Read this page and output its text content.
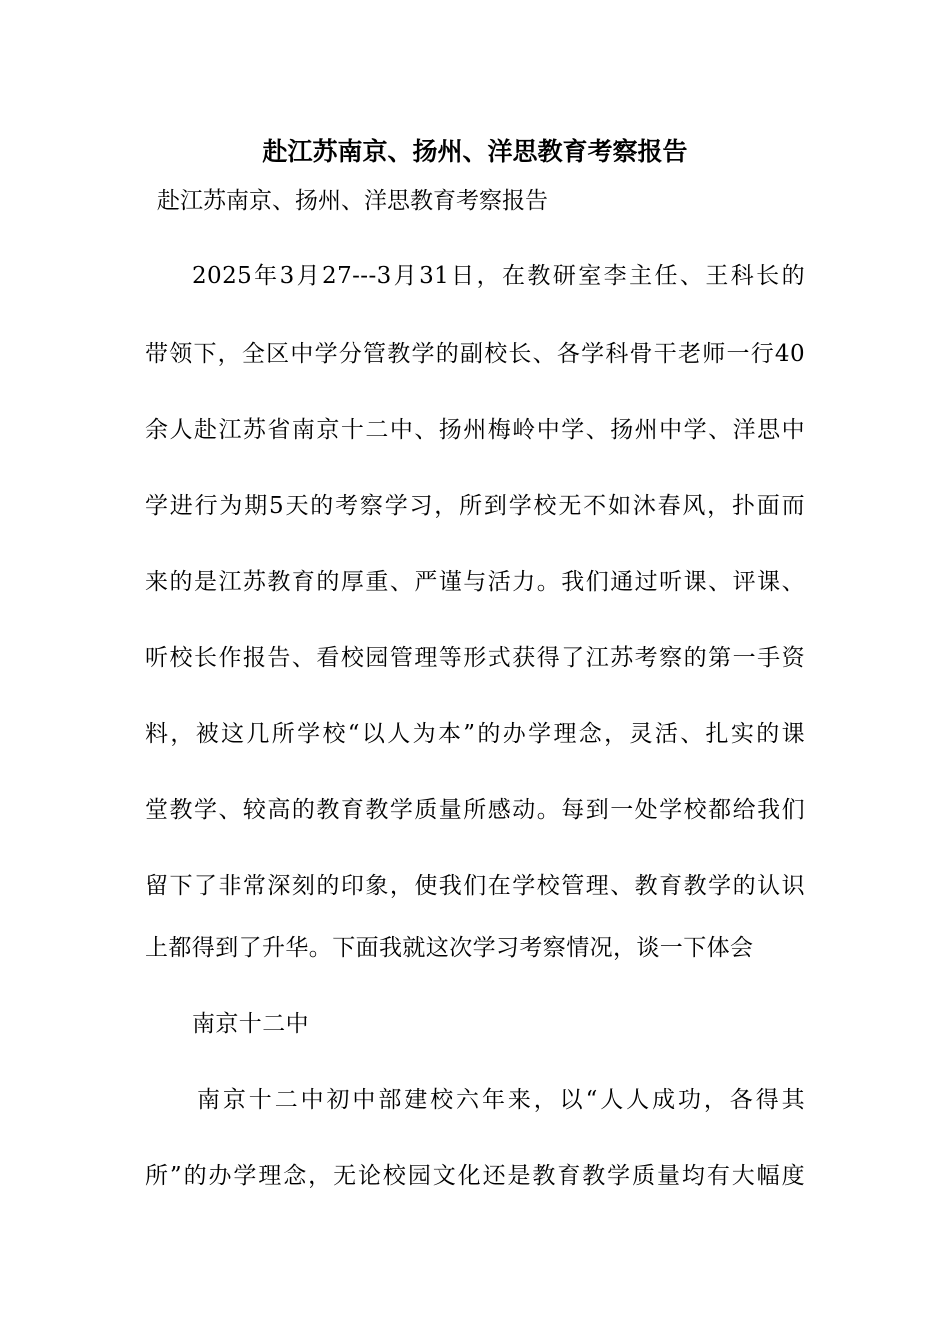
赴江苏南京、扬州、洋思教育考察报告
赴江苏南京、扬州、洋思教育考察报告
2025年3月27---3月31日，在教研室李主任、王科长的
带领下，全区中学分管教学的副校长、各学科骨干老师一行40
余人赴江苏省南京十二中、扬州梅岭中学、扬州中学、洋思中
学进行为期5天的考察学习，所到学校无不如沐春风，扑面而
来的是江苏教育的厚重、严谨与活力。我们通过听课、评课、
听校长作报告、看校园管理等形式获得了江苏考察的第一手资
料，被这几所学校“以人为本”的办学理念，灵活、扎实的课
堂教学、较高的教育教学质量所感动。每到一处学校都给我们
留下了非常深刻的印象，使我们在学校管理、教育教学的认识
上都得到了升华。下面我就这次学习考察情况，谈一下体会
南京十二中
南京十二中初中部建校六年来，以“人人成功，各得其
所”的办学理念，无论校园文化还是教育教学质量均有大幅度
